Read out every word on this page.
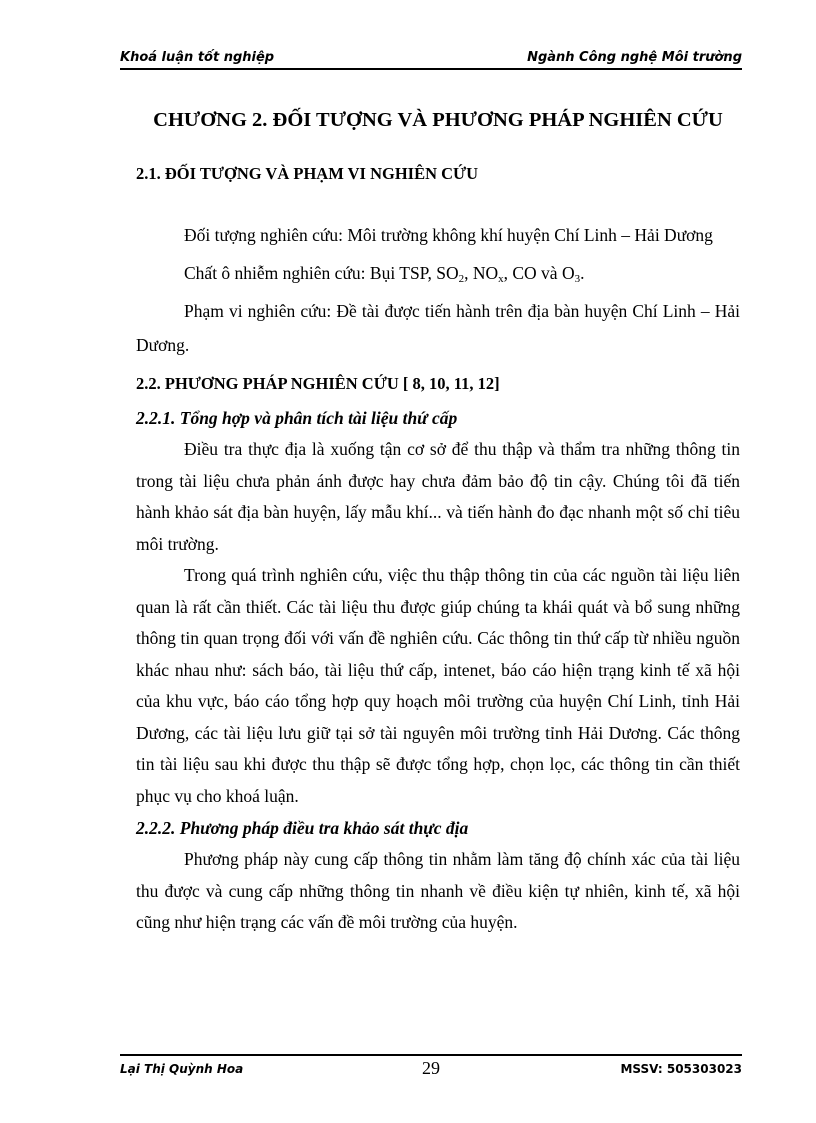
Khoá luận tốt nghiệp	Ngành Công nghệ Môi trường
CHƯƠNG 2. ĐỐI TƯỢNG VÀ PHƯƠNG PHÁP NGHIÊN CỨU
2.1. ĐỐI TƯỢNG VÀ PHẠM VI NGHIÊN CỨU

Đối tượng nghiên cứu: Môi trường không khí huyện Chí Linh – Hải Dương

Chất ô nhiễm nghiên cứu: Bụi TSP, $SO_2$, $NO_x$, CO và $O_3$.

Phạm vi nghiên cứu: Đề tài được tiến hành trên địa bàn huyện Chí Linh – Hải Dương.

2.2. PHƯƠNG PHÁP NGHIÊN CỨU [ 8, 10, 11, 12]

2.2.1. Tổng hợp và phân tích tài liệu thứ cấp

Điều tra thực địa là xuống tận cơ sở để thu thập và thẩm tra những thông tin trong tài liệu chưa phản ánh được hay chưa đảm bảo độ tin cậy. Chúng tôi đã tiến hành khảo sát địa bàn huyện, lấy mẫu khí... và tiến hành đo đạc nhanh một số chỉ tiêu môi trường.

Trong quá trình nghiên cứu, việc thu thập thông tin của các nguồn tài liệu liên quan là rất cần thiết. Các tài liệu thu được giúp chúng ta khái quát và bổ sung những thông tin quan trọng đối với vấn đề nghiên cứu. Các thông tin thứ cấp từ nhiều nguồn khác nhau như: sách báo, tài liệu thứ cấp, intenet, báo cáo hiện trạng kinh tế xã hội của khu vực, báo cáo tổng hợp quy hoạch môi trường của huyện Chí Linh, tỉnh Hải Dương, các tài liệu lưu giữ tại sở tài nguyên môi trường tỉnh Hải Dương. Các thông tin tài liệu sau khi được thu thập sẽ được tổng hợp, chọn lọc, các thông tin cần thiết phục vụ cho khoá luận.

2.2.2. Phương pháp điều tra khảo sát thực địa

Phương pháp này cung cấp thông tin nhằm làm tăng độ chính xác của tài liệu thu được và cung cấp những thông tin nhanh về điều kiện tự nhiên, kinh tế, xã hội cũng như hiện trạng các vấn đề môi trường của huyện.

Lại Thị Quỳnh Hoa	29	MSSV: 505303023
